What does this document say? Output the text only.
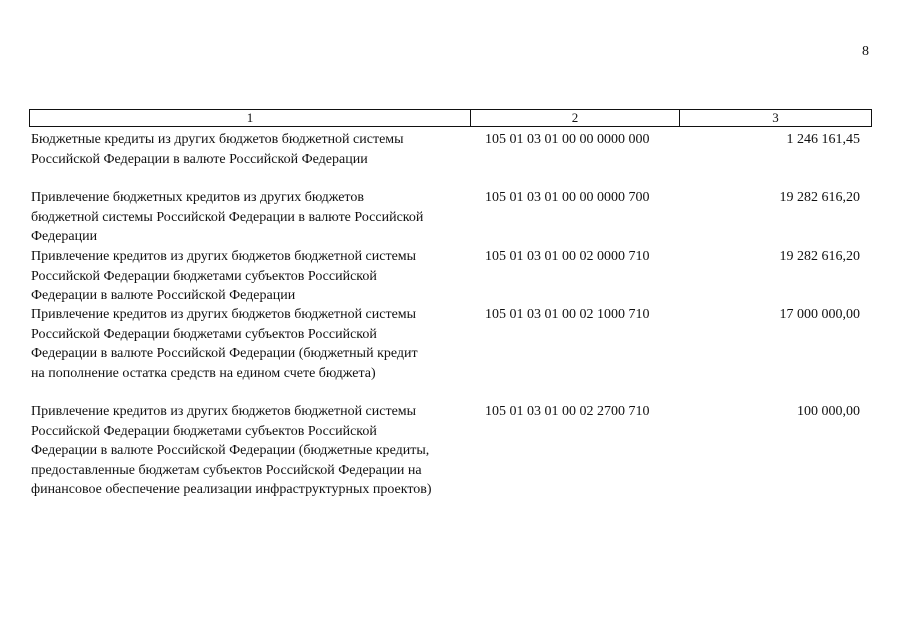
8
1	2	3
Бюджетные кредиты из других бюджетов бюджетной системы
Российской Федерации в валюте Российской Федерации
105 01 03 01 00 00 0000 000	1 246 161,45
Привлечение бюджетных кредитов из других бюджетов
бюджетной системы Российской Федерации в валюте Российской
Федерации
105 01 03 01 00 00 0000 700	19 282 616,20
Привлечение кредитов из других бюджетов бюджетной системы
Российской Федерации бюджетами субъектов Российской
Федерации в валюте Российской Федерации
105 01 03 01 00 02 0000 710	19 282 616,20
Привлечение кредитов из других бюджетов бюджетной системы
Российской Федерации бюджетами субъектов Российской
Федерации в валюте Российской Федерации (бюджетный кредит
на пополнение остатка средств на едином счете бюджета)
105 01 03 01 00 02 1000 710	17 000 000,00
Привлечение кредитов из других бюджетов бюджетной системы
Российской Федерации бюджетами субъектов Российской
Федерации в валюте Российской Федерации (бюджетные кредиты,
предоставленные бюджетам субъектов Российской Федерации на
финансовое обеспечение реализации инфраструктурных проектов)
105 01 03 01 00 02 2700 710	100 000,00
